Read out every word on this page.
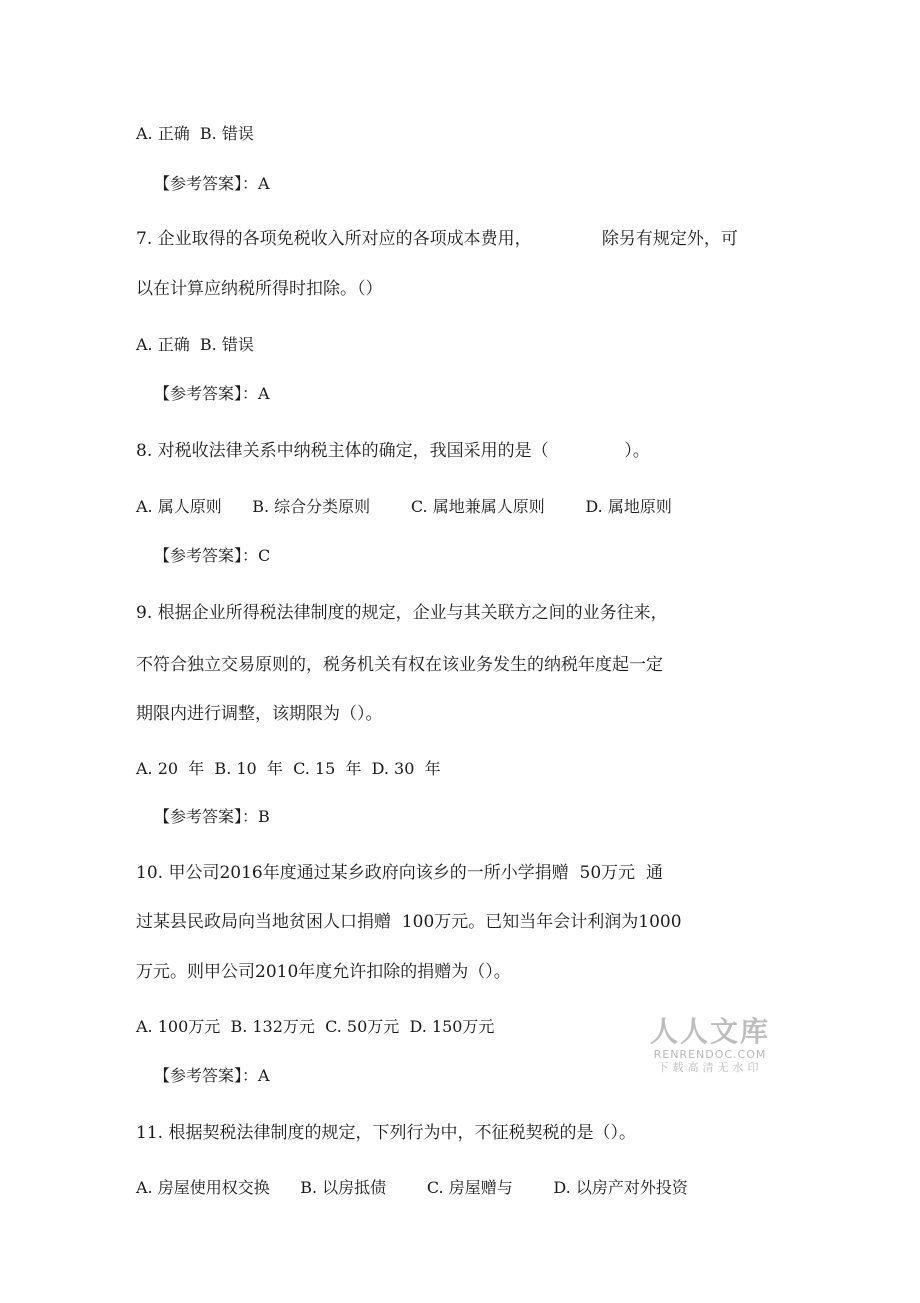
A. 正确  B. 错误
【参考答案】：A
7. 企业取得的各项免税收入所对应的各项成本费用，             除另有规定外，可
以在计算应纳税所得时扣除。（）
A. 正确  B. 错误
【参考答案】：A
8. 对税收法律关系中纳税主体的确定，我国采用的是（              ）。
A. 属人原则      B. 综合分类原则        C. 属地兼属人原则        D. 属地原则
【参考答案】：C
9. 根据企业所得税法律制度的规定，企业与其关联方之间的业务往来，
不符合独立交易原则的，税务机关有权在该业务发生的纳税年度起一定
期限内进行调整，该期限为（）。
A. 20  年  B. 10  年  C. 15  年  D. 30  年
【参考答案】：B
10. 甲公司2016年度通过某乡政府向该乡的一所小学捐赠  50万元  通
过某县民政局向当地贫困人口捐赠  100万元。已知当年会计利润为1000
万元。则甲公司2010年度允许扣除的捐赠为（）。
A. 100万元  B. 132万元  C. 50万元  D. 150万元
【参考答案】：A
11. 根据契税法律制度的规定，下列行为中，不征税契税的是（）。
A. 房屋使用权交换      B. 以房抵债        C. 房屋赠与        D. 以房产对外投资
人人文库
RENRENDOC.COM
下载高清无水印
